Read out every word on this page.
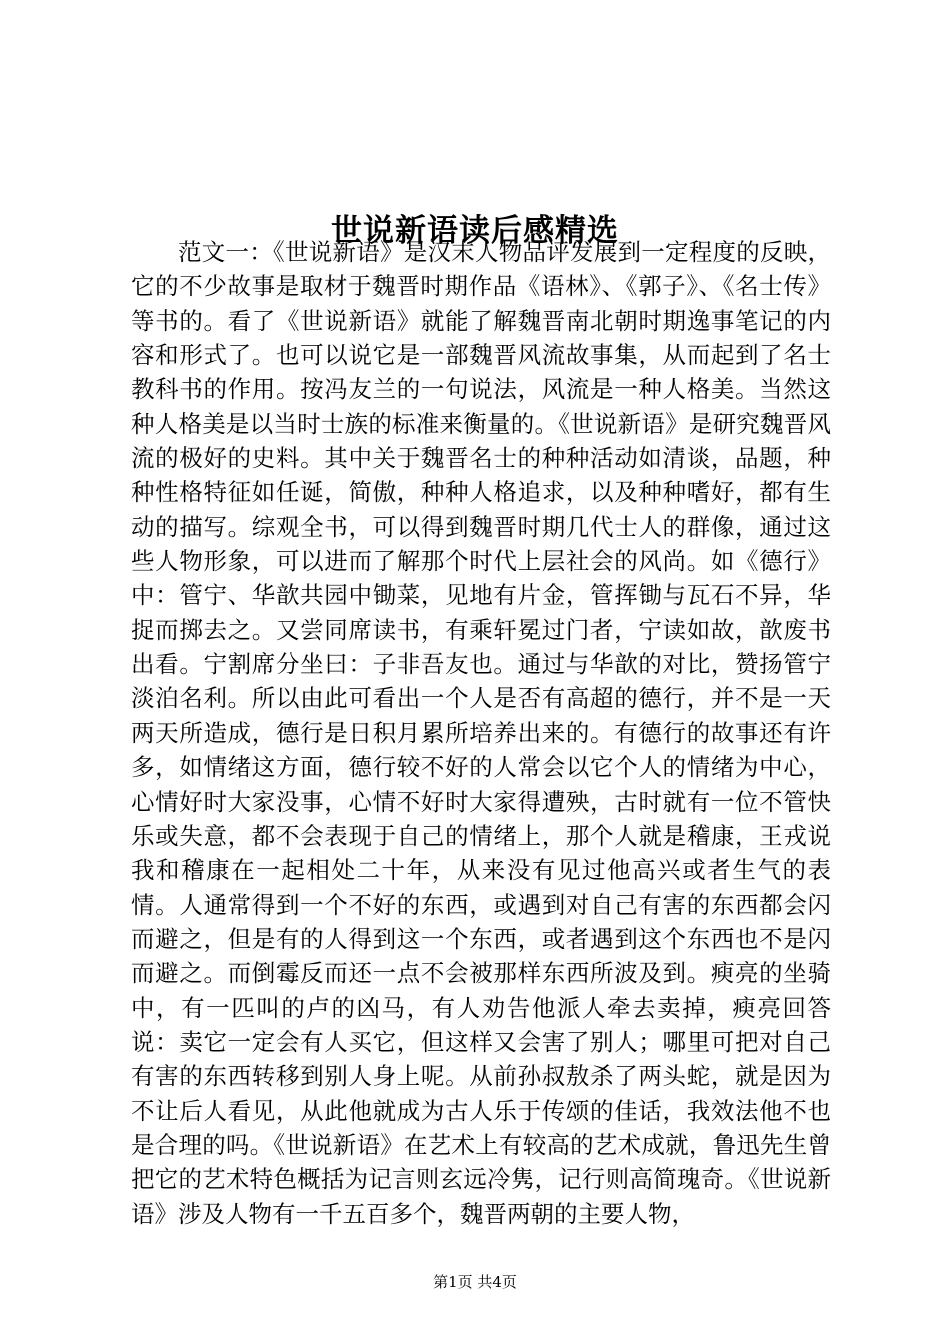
世说新语读后感精选

范文一：《世说新语》是汉末人物品评发展到一定程度的反映，它的不少故事是取材于魏晋时期作品《语林》、《郭子》、《名士传》等书的。看了《世说新语》就能了解魏晋南北朝时期逸事笔记的内容和形式了。也可以说它是一部魏晋风流故事集，从而起到了名士教科书的作用。按冯友兰的一句说法，风流是一种人格美。当然这种人格美是以当时士族的标准来衡量的。《世说新语》是研究魏晋风流的极好的史料。其中关于魏晋名士的种种活动如清谈，品题，种种性格特征如任诞，简傲，种种人格追求，以及种种嗜好，都有生动的描写。综观全书，可以得到魏晋时期几代士人的群像，通过这些人物形象，可以进而了解那个时代上层社会的风尚。如《德行》中：管宁、华歆共园中锄菜，见地有片金，管挥锄与瓦石不异，华捉而掷去之。又尝同席读书，有乘轩冕过门者，宁读如故，歆废书出看。宁割席分坐曰：子非吾友也。通过与华歆的对比，赞扬管宁淡泊名利。所以由此可看出一个人是否有高超的德行，并不是一天两天所造成，德行是日积月累所培养出来的。有德行的故事还有许多，如情绪这方面，德行较不好的人常会以它个人的情绪为中心，心情好时大家没事，心情不好时大家得遭殃，古时就有一位不管快乐或失意，都不会表现于自己的情绪上，那个人就是稽康，王戎说我和稽康在一起相处二十年，从来没有见过他高兴或者生气的表情。人通常得到一个不好的东西，或遇到对自己有害的东西都会闪而避之，但是有的人得到这一个东西，或者遇到这个东西也不是闪而避之。而倒霉反而还一点不会被那样东西所波及到。瘐亮的坐骑中，有一匹叫的卢的凶马，有人劝告他派人牵去卖掉，瘐亮回答说：卖它一定会有人买它，但这样又会害了别人；哪里可把对自己有害的东西转移到别人身上呢。从前孙叔敖杀了两头蛇，就是因为不让后人看见，从此他就成为古人乐于传颂的佳话，我效法他不也是合理的吗。《世说新语》在艺术上有较高的艺术成就，鲁迅先生曾把它的艺术特色概括为记言则玄远冷隽，记行则高简瑰奇。《世说新语》涉及人物有一千五百多个，魏晋两朝的主要人物，

第1页 共4页
